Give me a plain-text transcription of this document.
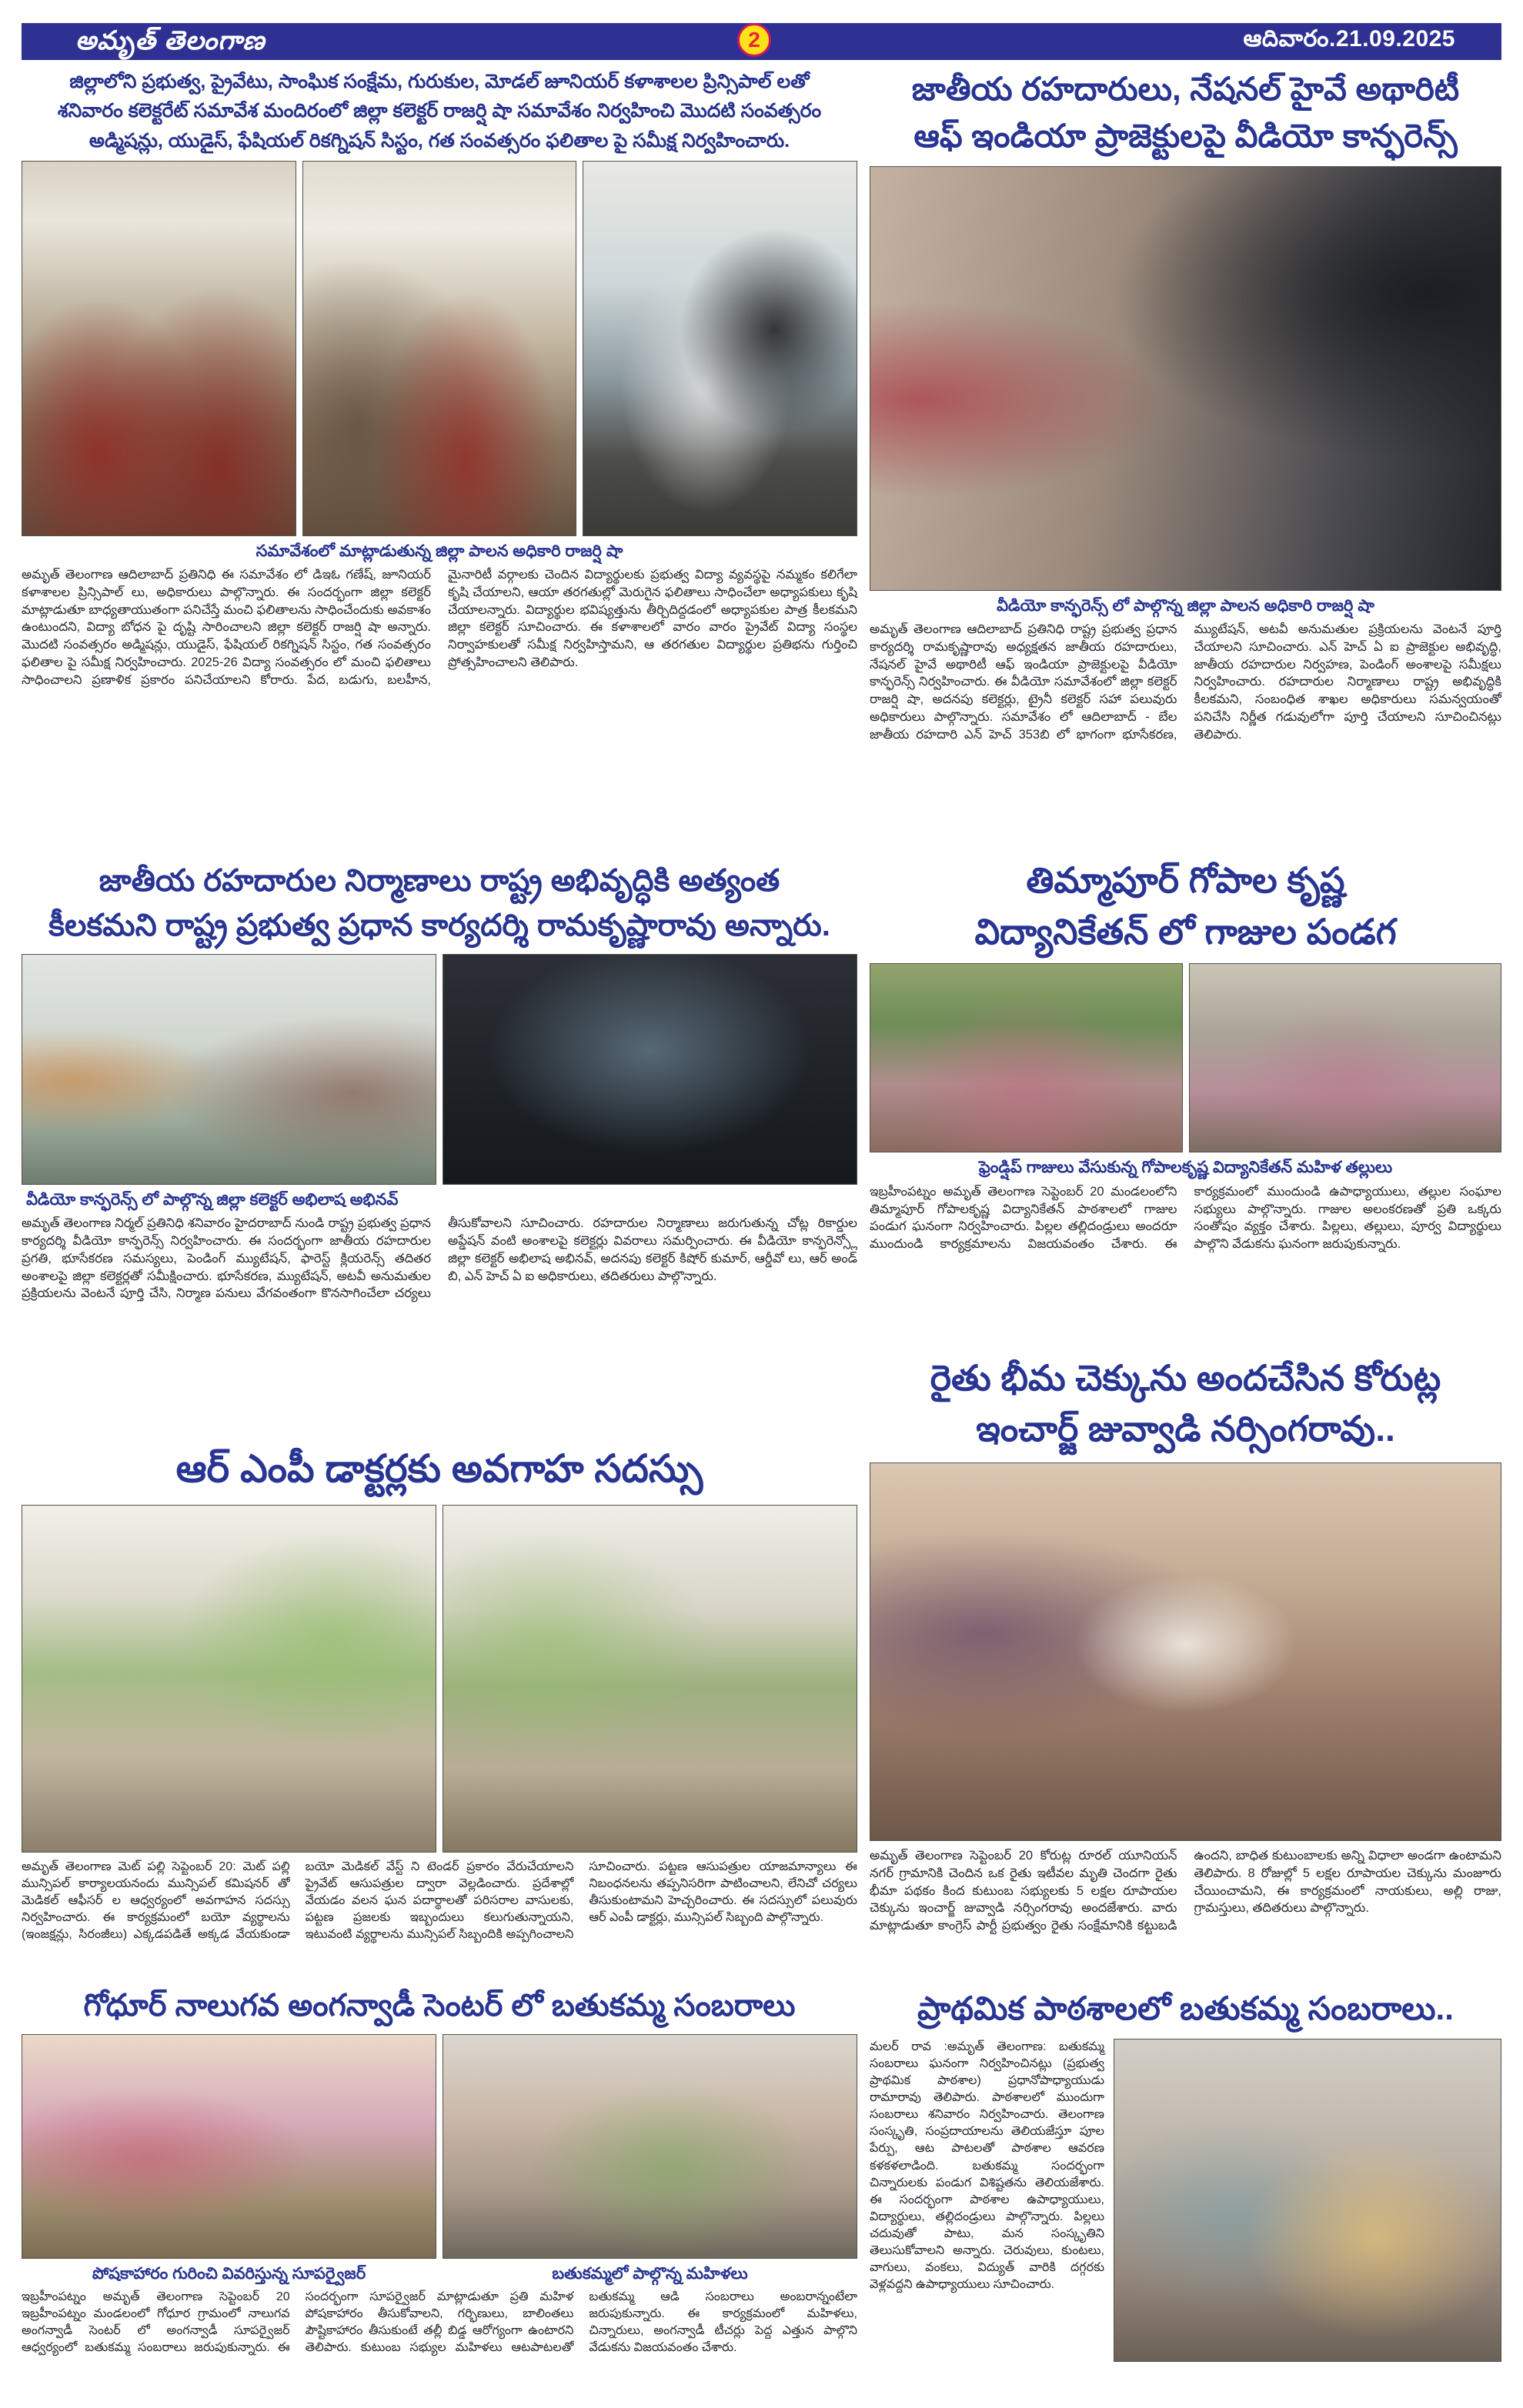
అమృత్ తెలంగాణ	2	ఆదివారం.21.09.2025
జిల్లాలోని ప్రభుత్వ, ప్రైవేటు, సాంఘిక సంక్షేమ, గురుకుల, మోడల్ జూనియర్ కళాశాలల ప్రిన్సిపాల్ లతో
శనివారం కలెక్టరేట్ సమావేశ మందిరంలో జిల్లా కలెక్టర్ రాజర్షి షా సమావేశం నిర్వహించి మొదటి సంవత్సరం
అడ్మిషన్లు, యుడైస్, ఫేషియల్ రికగ్నిషన్ సిస్టం, గత సంవత్సరం ఫలితాల పై సమీక్ష నిర్వహించారు.
సమావేశంలో మాట్లాడుతున్న జిల్లా పాలన అధికారి రాజర్షి షా
అమృత్ తెలంగాణ ఆదిలాబాద్ ప్రతినిధి ఈ సమావేశం లో డిఇఓ గణేష్, జూనియర్ కళాశాలల ప్రిన్సిపాల్ లు, అధికారులు పాల్గొన్నారు. ఈ సందర్భంగా జిల్లా కలెక్టర్ మాట్లాడుతూ బాధ్యతాయుతంగా పనిచేస్తే మంచి ఫలితాలను సాధించేందుకు అవకాశం ఉంటుందని, విద్యా బోధన పై దృష్టి సారించాలని జిల్లా కలెక్టర్ రాజర్షి షా అన్నారు. మొదటి సంవత్సరం అడ్మిషన్లు, యుడైస్, ఫేషియల్ రికగ్నిషన్ సిస్టం, గత సంవత్సరం ఫలితాల పై సమీక్ష నిర్వహించారు. 2025-26 విద్యా సంవత్సరం లో మంచి ఫలితాలు సాధించాలని ప్రణాళిక ప్రకారం పనిచేయాలని కోరారు. పేద, బడుగు, బలహీన, మైనారిటీ వర్గాలకు చెందిన విద్యార్థులకు ప్రభుత్వ విద్యా వ్యవస్థపై నమ్మకం కలిగేలా కృషి చేయాలని, ఆయా తరగతుల్లో మెరుగైన ఫలితాలు సాధించేలా అధ్యాపకులు కృషి చేయాలన్నారు. విద్యార్థుల భవిష్యత్తును తీర్చిదిద్దడంలో అధ్యాపకుల పాత్ర కీలకమని జిల్లా కలెక్టర్ సూచించారు. ఈ కళాశాలలో వారం వారం ప్రైవేట్ విద్యా సంస్థల నిర్వాహకులతో సమీక్ష నిర్వహిస్తామని, ఆ తరగతుల విద్యార్థుల ప్రతిభను గుర్తించి ప్రోత్సహించాలని తెలిపారు.
జాతీయ రహదారుల నిర్మాణాలు రాష్ట్ర అభివృద్ధికి అత్యంత
కీలకమని రాష్ట్ర ప్రభుత్వ ప్రధాన కార్యదర్శి రామకృష్ణారావు అన్నారు.
వీడియో కాన్ఫరెన్స్ లో పాల్గొన్న జిల్లా కలెక్టర్ అభిలాష అభినవ్
అమృత్ తెలంగాణ నిర్మల్ ప్రతినిధి శనివారం హైదరాబాద్ నుండి రాష్ట్ర ప్రభుత్వ ప్రధాన కార్యదర్శి వీడియో కాన్ఫరెన్స్ నిర్వహించారు. ఈ సందర్భంగా జాతీయ రహదారుల ప్రగతి, భూసేకరణ సమస్యలు, పెండింగ్ మ్యుటేషన్, ఫారెస్ట్ క్లియరెన్స్ తదితర అంశాలపై జిల్లా కలెక్టర్లతో సమీక్షించారు. భూసేకరణ, మ్యుటేషన్, అటవీ అనుమతుల ప్రక్రియలను వెంటనే పూర్తి చేసి, నిర్మాణ పనులు వేగవంతంగా కొనసాగించేలా చర్యలు తీసుకోవాలని సూచించారు. రహదారుల నిర్మాణాలు జరుగుతున్న చోట్ల రికార్డుల అప్డేషన్ వంటి అంశాలపై కలెక్టర్లు వివరాలు సమర్పించారు. ఈ వీడియో కాన్ఫరెన్స్లో జిల్లా కలెక్టర్ అభిలాష అభినవ్, అదనపు కలెక్టర్ కిషోర్ కుమార్, ఆర్డీవో లు, ఆర్ అండ్ బి, ఎన్ హెచ్ ఏ ఐ అధికారులు, తదితరులు పాల్గొన్నారు.
ఆర్ ఎంపీ డాక్టర్లకు అవగాహ సదస్సు
అమృత్ తెలంగాణ మెట్ పల్లి సెప్టెంబర్ 20: మెట్ పల్లి మున్సిపల్ కార్యాలయనందు మున్సిపల్ కమిషనర్ తో మెడికల్ ఆఫీసర్ ల ఆధ్వర్యంలో అవగాహన సదస్సు నిర్వహించారు. ఈ కార్యక్రమంలో బయో వ్యర్థాలను (ఇంజక్షన్లు, సిరంజీలు) ఎక్కడపడితే అక్కడ వేయకుండా బయో మెడికల్ వేస్ట్ ని టెండర్ ప్రకారం వేరుచేయాలని ప్రైవేట్ ఆసుపత్రుల ద్వారా వెల్లడించారు. ప్రదేశాల్లో వేయడం వలన ఘన పదార్థాలతో పరిసరాల వాసులకు, పట్టణ ప్రజలకు ఇబ్బందులు కలుగుతున్నాయని, ఇటువంటి వ్యర్థాలను మున్సిపల్ సిబ్బందికి అప్పగించాలని సూచించారు. పట్టణ ఆసుపత్రుల యాజమాన్యాలు ఈ నిబంధనలను తప్పనిసరిగా పాటించాలని, లేనిచో చర్యలు తీసుకుంటామని హెచ్చరించారు. ఈ సదస్సులో పలువురు ఆర్ ఎంపీ డాక్టర్లు, మున్సిపల్ సిబ్బంది పాల్గొన్నారు.
గోధూర్ నాలుగవ అంగన్వాడీ సెంటర్ లో బతుకమ్మ సంబరాలు
పోషకాహారం గురించి వివరిస్తున్న సూపర్వైజర్	బతుకమ్మలో పాల్గొన్న మహిళలు
ఇబ్రహీంపట్నం అమృత్ తెలంగాణ సెప్టెంబర్ 20 ఇబ్రహీంపట్నం మండలంలో గోధూర గ్రామంలో నాలుగవ అంగన్వాడీ సెంటర్ లో అంగన్వాడీ సూపర్వైజర్ ఆధ్వర్యంలో బతుకమ్మ సంబరాలు జరుపుకున్నారు. ఈ సందర్భంగా సూపర్వైజర్ మాట్లాడుతూ ప్రతి మహిళ పోషకాహారం తీసుకోవాలని, గర్భిణులు, బాలింతలు పౌష్టికాహారం తీసుకుంటే తల్లీ బిడ్డ ఆరోగ్యంగా ఉంటారని తెలిపారు. కుటుంబ సభ్యుల మహిళలు ఆటపాటలతో బతుకమ్మ ఆడి సంబరాలు అంబరాన్నంటేలా జరుపుకున్నారు. ఈ కార్యక్రమంలో మహిళలు, చిన్నారులు, అంగన్వాడీ టీచర్లు పెద్ద ఎత్తున పాల్గొని వేడుకను విజయవంతం చేశారు.
జాతీయ రహదారులు, నేషనల్ హైవే అథారిటీ
ఆఫ్ ఇండియా ప్రాజెక్టులపై వీడియో కాన్ఫరెన్స్
వీడియో కాన్ఫరెన్స్ లో పాల్గొన్న జిల్లా పాలన అధికారి రాజర్షి షా
అమృత్ తెలంగాణ ఆదిలాబాద్ ప్రతినిధి రాష్ట్ర ప్రభుత్వ ప్రధాన కార్యదర్శి రామకృష్ణారావు అధ్యక్షతన జాతీయ రహదారులు, నేషనల్ హైవే అథారిటీ ఆఫ్ ఇండియా ప్రాజెక్టులపై వీడియో కాన్ఫరెన్స్ నిర్వహించారు. ఈ వీడియో సమావేశంలో జిల్లా కలెక్టర్ రాజర్షి షా, అదనపు కలెక్టర్లు, ట్రైనీ కలెక్టర్ సహా పలువురు అధికారులు పాల్గొన్నారు. సమావేశం లో ఆదిలాబాద్ - బేల జాతీయ రహదారి ఎన్ హెచ్ 353బి లో భాగంగా భూసేకరణ, మ్యుటేషన్, అటవీ అనుమతుల ప్రక్రియలను వెంటనే పూర్తి చేయాలని సూచించారు. ఎన్ హెచ్ ఏ ఐ ప్రాజెక్టుల అభివృద్ధి, జాతీయ రహదారుల నిర్వహణ, పెండింగ్ అంశాలపై సమీక్షలు నిర్వహించారు. రహదారుల నిర్మాణాలు రాష్ట్ర అభివృద్ధికి కీలకమని, సంబంధిత శాఖల అధికారులు సమన్వయంతో పనిచేసి నిర్ణీత గడువులోగా పూర్తి చేయాలని సూచించినట్లు తెలిపారు.
తిమ్మాపూర్ గోపాల కృష్ణ
విద్యానికేతన్ లో గాజుల పండగ
ఫ్రెండ్షిప్ గాజులు వేసుకున్న గోపాలకృష్ణ విద్యానికేతన్ మహిళ తల్లులు
ఇబ్రహీంపట్నం అమృత్ తెలంగాణ సెప్టెంబర్ 20 మండలంలోని తిమ్మాపూర్ గోపాలకృష్ణ విద్యానికేతన్ పాఠశాలలో గాజుల పండుగ ఘనంగా నిర్వహించారు. పిల్లల తల్లిదండ్రులు అందరూ ముందుండి కార్యక్రమాలను విజయవంతం చేశారు. ఈ కార్యక్రమంలో ముందుండి ఉపాధ్యాయులు, తల్లుల సంఘాల సభ్యులు పాల్గొన్నారు. గాజుల అలంకరణతో ప్రతి ఒక్కరు సంతోషం వ్యక్తం చేశారు. పిల్లలు, తల్లులు, పూర్వ విద్యార్థులు పాల్గొని వేడుకను ఘనంగా జరుపుకున్నారు.
రైతు భీమ చెక్కును అందచేసిన కోరుట్ల
ఇంచార్జ్ జువ్వాడి నర్సింగరావు..
అమృత్ తెలంగాణ సెప్టెంబర్ 20 కోరుట్ల రూరల్ యూనియన్ నగర్ గ్రామానికి చెందిన ఒక రైతు ఇటీవల మృతి చెందగా రైతు భీమా పథకం కింద కుటుంబ సభ్యులకు 5 లక్షల రూపాయల చెక్కును ఇంచార్జ్ జువ్వాడి నర్సింగరావు అందజేశారు. వారు మాట్లాడుతూ కాంగ్రెస్ పార్టీ ప్రభుత్వం రైతు సంక్షేమానికి కట్టుబడి ఉందని, బాధిత కుటుంబాలకు అన్ని విధాలా అండగా ఉంటామని తెలిపారు. 8 రోజుల్లో 5 లక్షల రూపాయల చెక్కును మంజూరు చేయించామని, ఈ కార్యక్రమంలో నాయకులు, అల్లి రాజు, గ్రామస్తులు, తదితరులు పాల్గొన్నారు.
ప్రాథమిక పాఠశాలలో బతుకమ్మ సంబరాలు..
మలర్ రావ :అమృత్ తెలంగాణ: బతుకమ్మ సంబరాలు ఘనంగా నిర్వహించినట్లు (ప్రభుత్వ ప్రాథమిక పాఠశాల) ప్రధానోపాధ్యాయుడు రామారావు తెలిపారు. పాఠశాలలో ముందుగా సంబరాలు శనివారం నిర్వహించారు. తెలంగాణ సంస్కృతి, సంప్రదాయాలను తెలియజేస్తూ పూల పేర్పు, ఆట పాటలతో పాఠశాల ఆవరణ కళకళలాడింది. బతుకమ్మ సందర్భంగా చిన్నారులకు పండుగ విశిష్టతను తెలియజేశారు. ఈ సందర్భంగా పాఠశాల ఉపాధ్యాయులు, విద్యార్థులు, తల్లిదండ్రులు పాల్గొన్నారు. పిల్లలు చదువుతో పాటు, మన సంస్కృతిని తెలుసుకోవాలని అన్నారు. చెరువులు, కుంటలు, వాగులు, వంకలు, విద్యుత్ వారికి దగ్గరకు వెళ్లవద్దని ఉపాధ్యాయులు సూచించారు.
